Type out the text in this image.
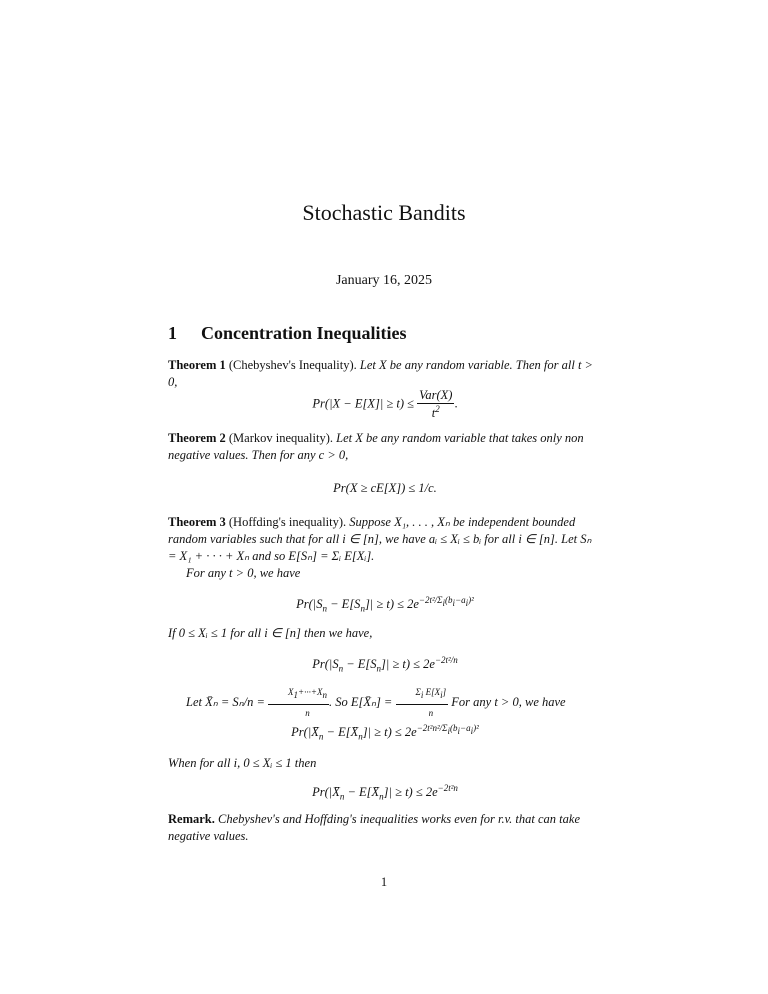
Stochastic Bandits
January 16, 2025
1 Concentration Inequalities
Theorem 1 (Chebyshev's Inequality). Let X be any random variable. Then for all t > 0,
$Pr(|X - E[X]| \ge t) \le \frac{\text{Var(X)}}{t^2}$ .
Theorem 2 (Markov inequality). Let X be any random variable that takes only non negative values. Then for any c > 0,
Pr(X ≥ cE[X]) ≤ 1/c.
Theorem 3 (Hoffding's inequality). Suppose X₁, . . . , Xₙ be independent bounded random variables such that for all i ∈ [n], we have aᵢ ≤ Xᵢ ≤ bᵢ for all i ∈ [n]. Let Sₙ = X₁ + · · · + Xₙ and so E[Sₙ] = Σᵢ E[Xᵢ].
For any t > 0, we have
$Pr(|S_n - E[S_n]| \ge t) \le 2e^{-2t^2/\Sigma_i(b_i-a_i)^2}$
If 0 ≤ Xᵢ ≤ 1 for all i ∈ [n] then we have,
$Pr(|S_n - E[S_n]| \ge t) \le 2e^{-2t^2/n}$
Let X̄ₙ = $S_n/n = \frac{X_1+\cdot\cdot\cdot+X_n}{n}$ . So E[X̄ₙ] = $\frac{\Sigma_i E[X_i]}{n}$ For any t > 0, we have
$Pr(|X̄_n$ − $E[X̄_n]| \ge t) \le 2e^{-2t^2n^2/\Sigma_i(b_i-a_i)^2}$
When for all i, 0 ≤ Xᵢ ≤ 1 then
$Pr(|X̄_n$ − $E[X̄_n]| \ge t) \le 2e^{-2t^2n}$
Remark. Chebyshev's and Hoffding's inequalities works even for r.v. that can take negative values.
1
